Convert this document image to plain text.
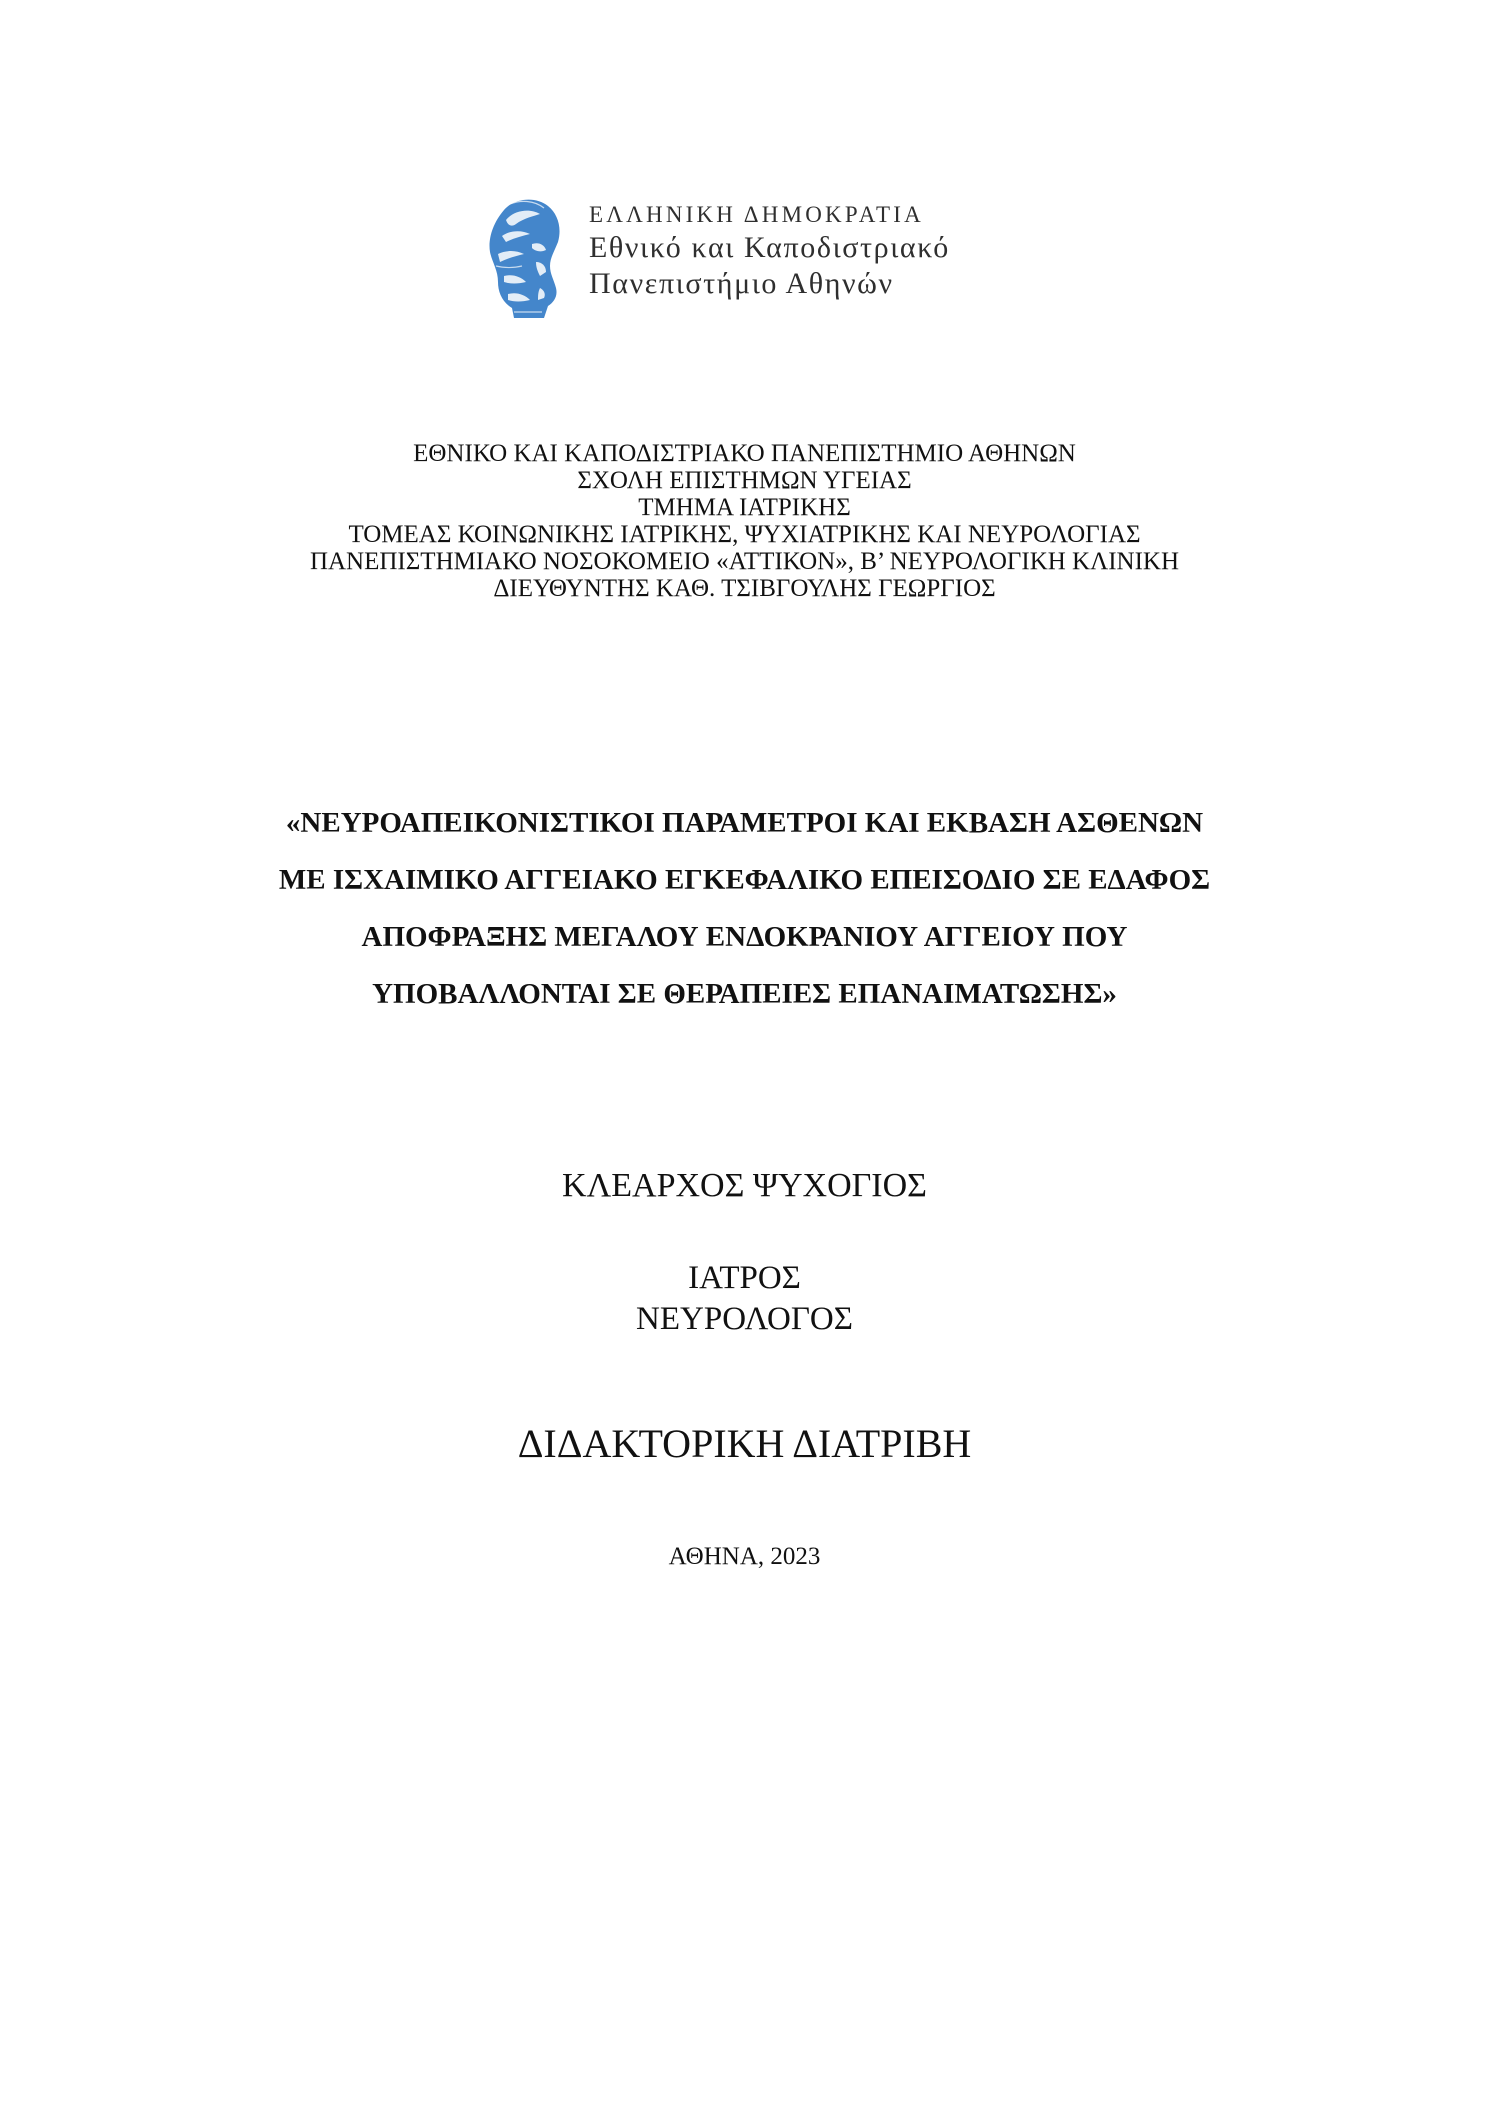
ΕΛΛΗΝΙΚΗ ΔΗΜΟΚΡΑΤΙΑ
Εθνικό και Καποδιστριακό
Πανεπιστήμιο Αθηνών
ΕΘΝΙΚΟ ΚΑΙ ΚΑΠΟΔΙΣΤΡΙΑΚΟ ΠΑΝΕΠΙΣΤΗΜΙΟ ΑΘΗΝΩΝ
ΣΧΟΛΗ ΕΠΙΣΤΗΜΩΝ ΥΓΕΙΑΣ
ΤΜΗΜΑ ΙΑΤΡΙΚΗΣ
ΤΟΜΕΑΣ ΚΟΙΝΩΝΙΚΗΣ ΙΑΤΡΙΚΗΣ, ΨΥΧΙΑΤΡΙΚΗΣ ΚΑΙ ΝΕΥΡΟΛΟΓΙΑΣ
ΠΑΝΕΠΙΣΤΗΜΙΑΚΟ ΝΟΣΟΚΟΜΕΙΟ «ΑΤΤΙΚΟΝ», Β’ ΝΕΥΡΟΛΟΓΙΚΗ ΚΛΙΝΙΚΗ
ΔΙΕΥΘΥΝΤΗΣ ΚΑΘ. ΤΣΙΒΓΟΥΛΗΣ ΓΕΩΡΓΙΟΣ
«ΝΕΥΡΟΑΠΕΙΚΟΝΙΣΤΙΚΟΙ ΠΑΡΑΜΕΤΡΟΙ ΚΑΙ ΕΚΒΑΣΗ ΑΣΘΕΝΩΝ
ΜΕ ΙΣΧΑΙΜΙΚΟ ΑΓΓΕΙΑΚΟ ΕΓΚΕΦΑΛΙΚΟ ΕΠΕΙΣΟΔΙΟ ΣΕ ΕΔΑΦΟΣ
ΑΠΟΦΡΑΞΗΣ ΜΕΓΑΛΟΥ ΕΝΔΟΚΡΑΝΙΟΥ ΑΓΓΕΙΟΥ ΠΟΥ
ΥΠΟΒΑΛΛΟΝΤΑΙ ΣΕ ΘΕΡΑΠΕΙΕΣ ΕΠΑΝΑΙΜΑΤΩΣΗΣ»
ΚΛΕΑΡΧΟΣ ΨΥΧΟΓΙΟΣ
ΙΑΤΡΟΣ
ΝΕΥΡΟΛΟΓΟΣ
ΔΙΔΑΚΤΟΡΙΚΗ ΔΙΑΤΡΙΒΗ
ΑΘΗΝΑ, 2023
